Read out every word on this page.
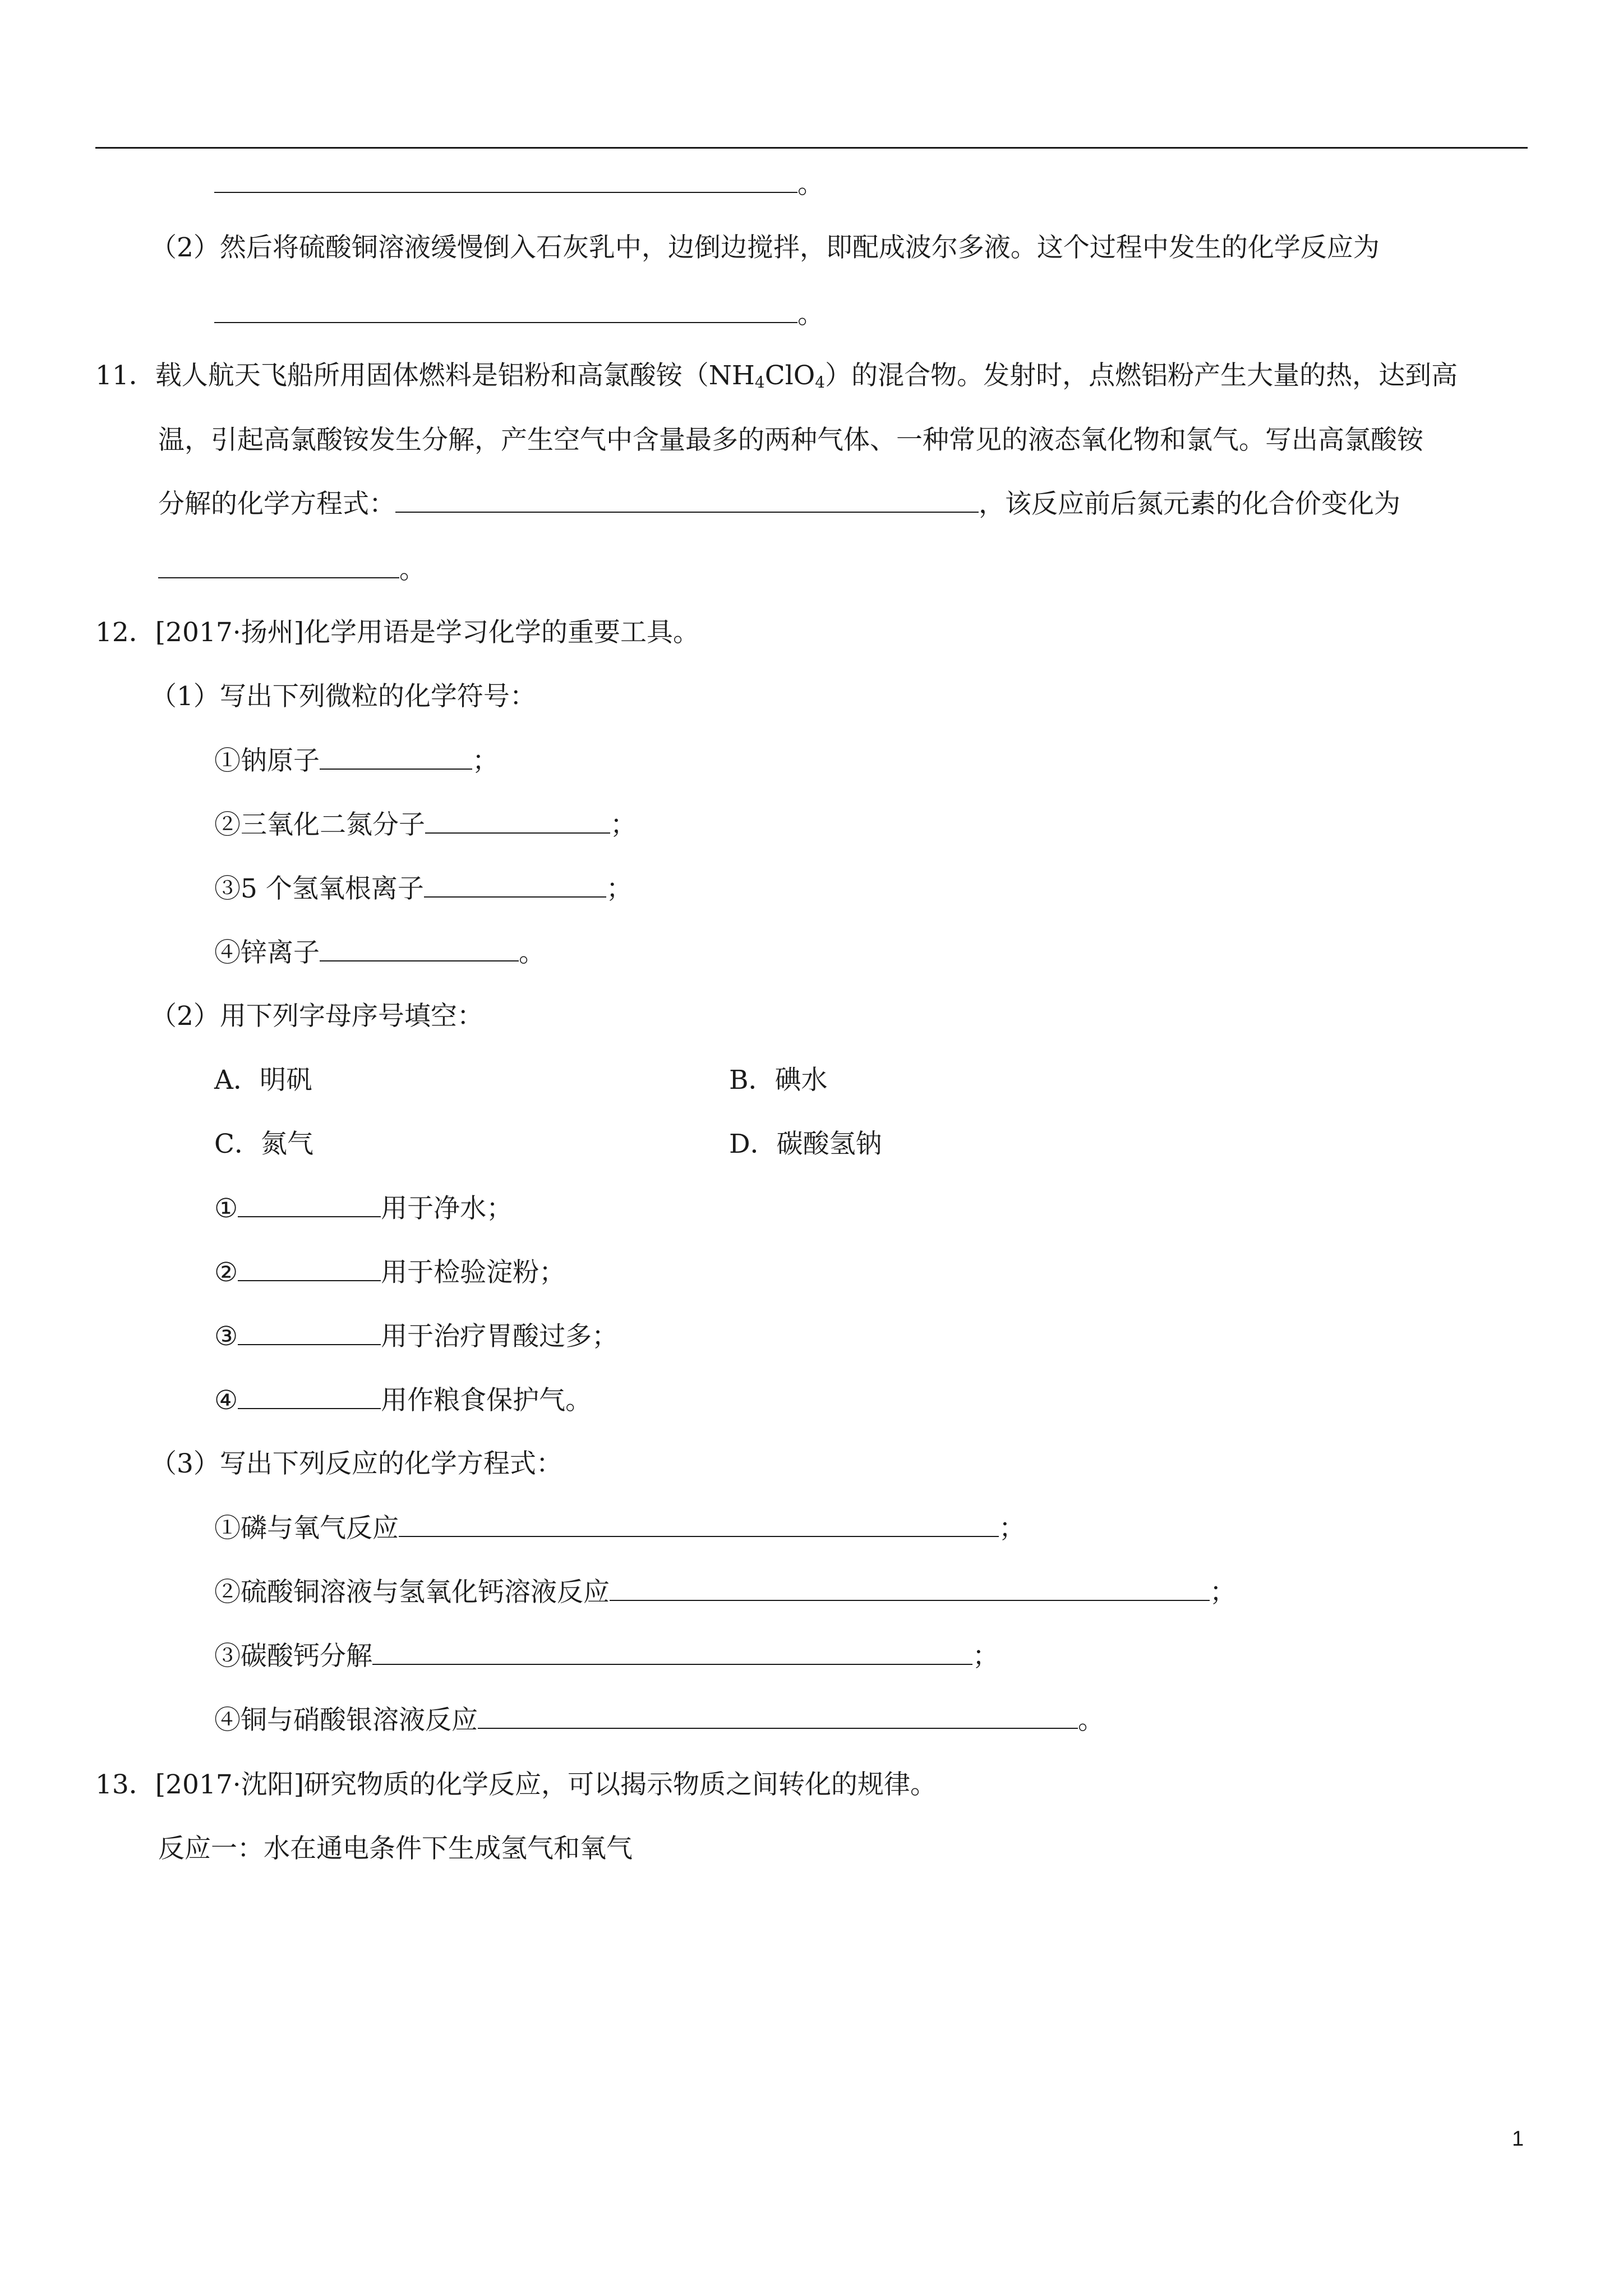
。
（2）然后将硫酸铜溶液缓慢倒入石灰乳中，边倒边搅拌，即配成波尔多液。这个过程中发生的化学反应为
。
11．载人航天飞船所用固体燃料是铝粉和高氯酸铵$(NH_4ClO_4)$的混合物。发射时，点燃铝粉产生大量的热，达到高
温，引起高氯酸铵发生分解，产生空气中含量最多的两种气体、一种常见的液态氧化物和氯气。写出高氯酸铵
分解的化学方程式：	，该反应前后氮元素的化合价变化为
。
12．[2017·扬州]化学用语是学习化学的重要工具。
（1）写出下列微粒的化学符号：
①钠原子	；
②三氧化二氮分子	；
③5 个氢氧根离子	；
④锌离子	。
（2）用下列字母序号填空：
A．明矾	B．碘水
C．氮气	D．碳酸氢钠
①	用于净水；
②	用于检验淀粉；
③	用于治疗胃酸过多；
④	用作粮食保护气。
（3）写出下列反应的化学方程式：
①磷与氧气反应	；
②硫酸铜溶液与氢氧化钙溶液反应	；
③碳酸钙分解	；
④铜与硝酸银溶液反应	。
13．[2017·沈阳]研究物质的化学反应，可以揭示物质之间转化的规律。
反应一：水在通电条件下生成氢气和氧气
1
